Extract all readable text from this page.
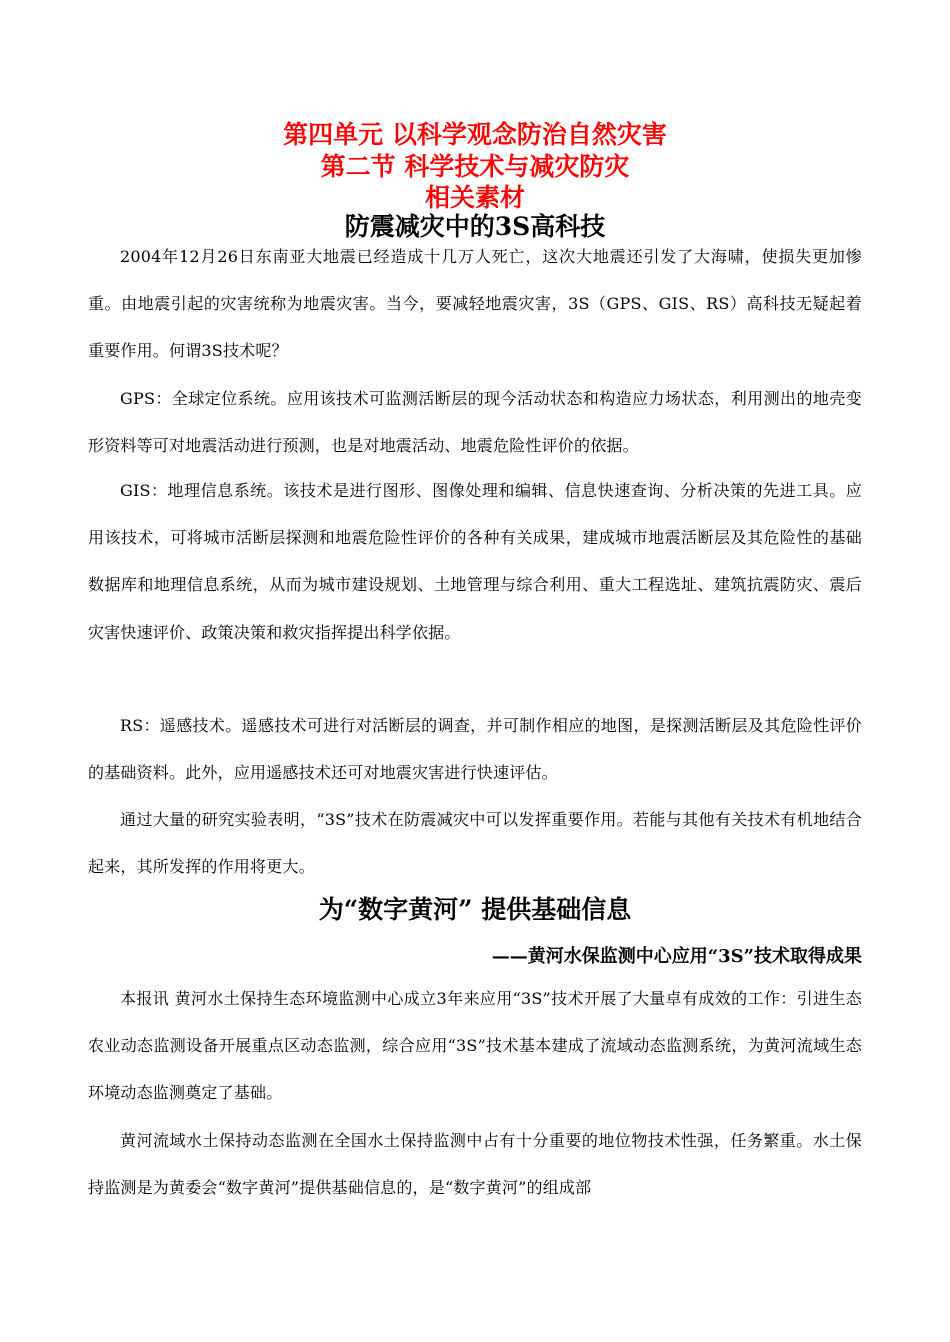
第四单元 以科学观念防治自然灾害
第二节 科学技术与减灾防灾
相关素材
防震减灾中的3S高科技

2004年12月26日东南亚大地震已经造成十几万人死亡，这次大地震还引发了大海啸，使损失更加惨重。由地震引起的灾害统称为地震灾害。当今，要减轻地震灾害，3S（GPS、GIS、RS）高科技无疑起着重要作用。何谓3S技术呢？

GPS：全球定位系统。应用该技术可监测活断层的现今活动状态和构造应力场状态，利用测出的地壳变形资料等可对地震活动进行预测，也是对地震活动、地震危险性评价的依据。

GIS：地理信息系统。该技术是进行图形、图像处理和编辑、信息快速查询、分析决策的先进工具。应用该技术，可将城市活断层探测和地震危险性评价的各种有关成果，建成城市地震活断层及其危险性的基础数据库和地理信息系统，从而为城市建设规划、土地管理与综合利用、重大工程选址、建筑抗震防灾、震后灾害快速评价、政策决策和救灾指挥提出科学依据。

RS：遥感技术。遥感技术可进行对活断层的调查，并可制作相应的地图，是探测活断层及其危险性评价的基础资料。此外，应用遥感技术还可对地震灾害进行快速评估。

通过大量的研究实验表明，“3S”技术在防震减灾中可以发挥重要作用。若能与其他有关技术有机地结合起来，其所发挥的作用将更大。

为“数字黄河” 提供基础信息

——黄河水保监测中心应用“3S”技术取得成果

本报讯 黄河水土保持生态环境监测中心成立3年来应用“3S”技术开展了大量卓有成效的工作：引进生态农业动态监测设备开展重点区动态监测，综合应用“3S”技术基本建成了流域动态监测系统，为黄河流域生态环境动态监测奠定了基础。

黄河流域水土保持动态监测在全国水土保持监测中占有十分重要的地位物技术性强，任务繁重。水土保持监测是为黄委会“数字黄河”提供基础信息的，是“数字黄河”的组成部
